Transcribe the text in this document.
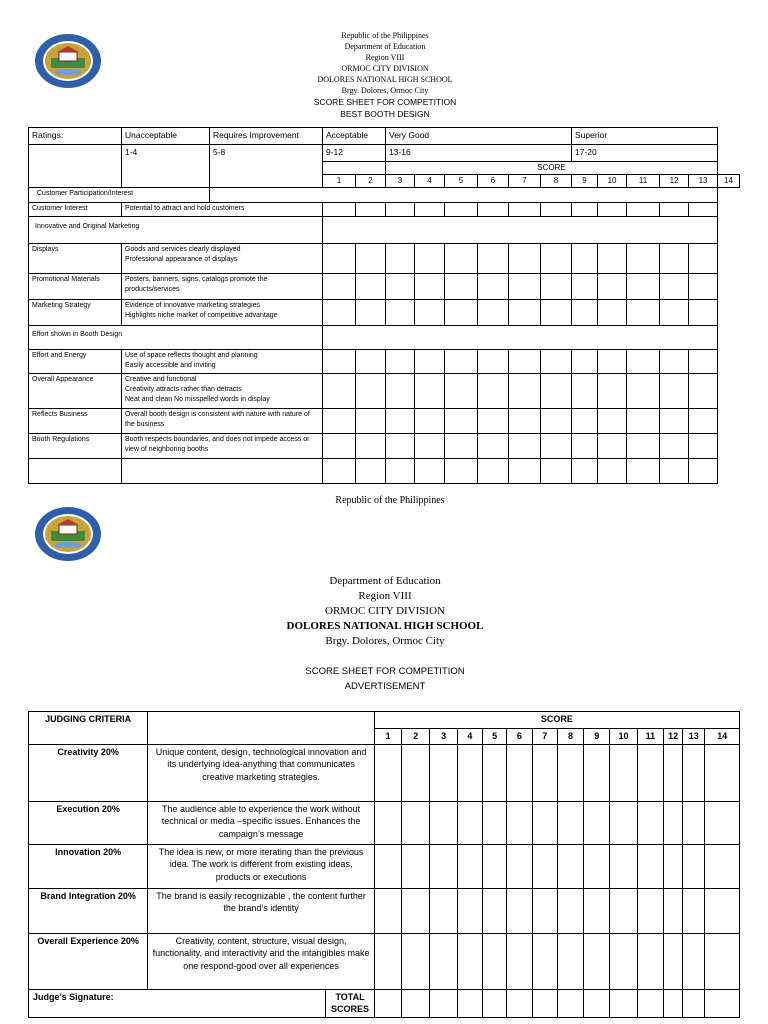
Republic of the Philippines
Department of Education
Region VIII
ORMOC CITY DIVISION
DOLORES NATIONAL HIGH SCHOOL
Brgy. Dolores, Ormoc City
SCORE SHEET FOR COMPETITION
BEST BOOTH DESIGN
Ratings:	Unacceptable	Requires Improvement	Acceptable		Very Good						Superior					
	1-4	5-8	9-12		13-16						17-20					
					SCORE											
			1	2	3	4	5	6	7	8	9	10	11	12	13	14
Customer Participation/Interest																
Customer Interest	Potential to attract and hold customers															
Innovative and Original Marketing																
Displays	Goods and services clearly displayed
Professional appearance of displays															
Promotional Materials	Posters, banners, signs, catalogs promote the products/services															
Marketing Strategy	Evidence of innovative marketing strategies
Highlights niche market of competitive advantage															
Effort shown in Booth Design																
Effort and Energy	Use of space reflects thought and planning
Easily accessible and inviting															
Overall Appearance	Creative and functional
Creativity attracts rather than detracts
Neat and clean No misspelled words in display															
Reflects Business	Overall booth design is consistent with nature with nature of the business															
Booth Regulations	Booth respects boundaries, and does not impede access or view of neighboring booths															

Republic of the Philippines
Department of Education
Region VIII
ORMOC CITY DIVISION
DOLORES NATIONAL HIGH SCHOOL
Brgy. Dolores, Ormoc City
SCORE SHEET FOR COMPETITION
ADVERTISEMENT
JUDGING CRITERIA			SCORE													
			1	2	3	4	5	6	7	8	9	10	11	12	13	14
Creativity 20%	Unique content, design, technological innovation and its underlying idea-anything that communicates creative marketing strategies.															
Execution 20%	The audience able to experience the work without technical or media –specific issues. Enhances the campaign’s message															
Innovation 20%	The idea is new, or more iterating than the previous idea. The work is different from existing ideas, products or executions															
Brand Integration 20%	The brand is easily recognizable , the content further the brand’s identity															
Overall Experience 20%	Creativity, content, structure, visual design, functionality, and interactivity and the intangibles make one respond-good over all experiences															
Judge’s Signature:		TOTAL SCORES														
